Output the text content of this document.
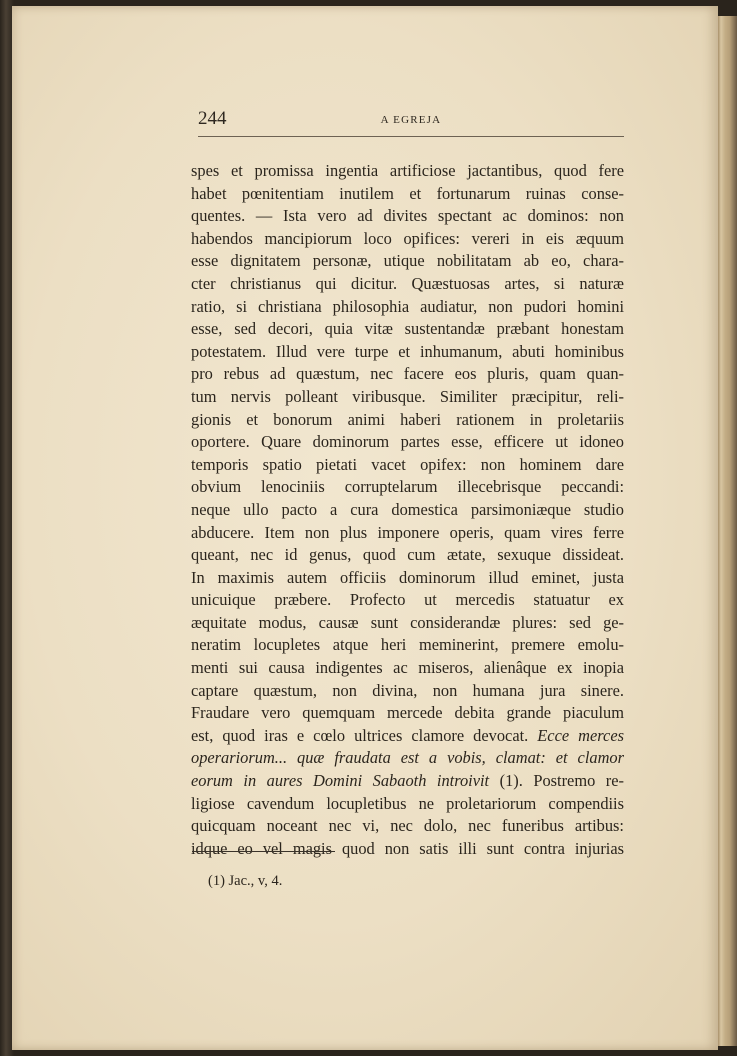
244	A EGREJA
spes et promissa ingentia artificiose jactantibus, quod fere
habet pœnitentiam inutilem et fortunarum ruinas conse-
quentes. — Ista vero ad divites spectant ac dominos: non
habendos mancipiorum loco opifices: vereri in eis æquum
esse dignitatem personæ, utique nobilitatam ab eo, chara-
cter christianus qui dicitur. Quæstuosas artes, si naturæ
ratio, si christiana philosophia audiatur, non pudori homini
esse, sed decori, quia vitæ sustentandæ præbant honestam
potestatem. Illud vere turpe et inhumanum, abuti hominibus
pro rebus ad quæstum, nec facere eos pluris, quam quan-
tum nervis polleant viribusque. Similiter præcipitur, reli-
gionis et bonorum animi haberi rationem in proletariis
oportere. Quare dominorum partes esse, efficere ut idoneo
temporis spatio pietati vacet opifex: non hominem dare
obvium lenociniis corruptelarum illecebrisque peccandi:
neque ullo pacto a cura domestica parsimoniæque studio
abducere. Item non plus imponere operis, quam vires ferre
queant, nec id genus, quod cum ætate, sexuque dissideat.
In maximis autem officiis dominorum illud eminet, justa
unicuique præbere. Profecto ut mercedis statuatur ex
æquitate modus, causæ sunt considerandæ plures: sed ge-
neratim locupletes atque heri meminerint, premere emolu-
menti sui causa indigentes ac miseros, alienâque ex inopia
captare quæstum, non divina, non humana jura sinere.
Fraudare vero quemquam mercede debita grande piaculum
est, quod iras e cœlo ultrices clamore devocat. Ecce merces
operariorum... quæ fraudata est a vobis, clamat: et clamor
eorum in aures Domini Sabaoth introivit (1). Postremo re-
ligiose cavendum locupletibus ne proletariorum compendiis
quicquam noceant nec vi, nec dolo, nec funeribus artibus:
idque eo vel magis quod non satis illi sunt contra injurias
(1) Jac., v, 4.
